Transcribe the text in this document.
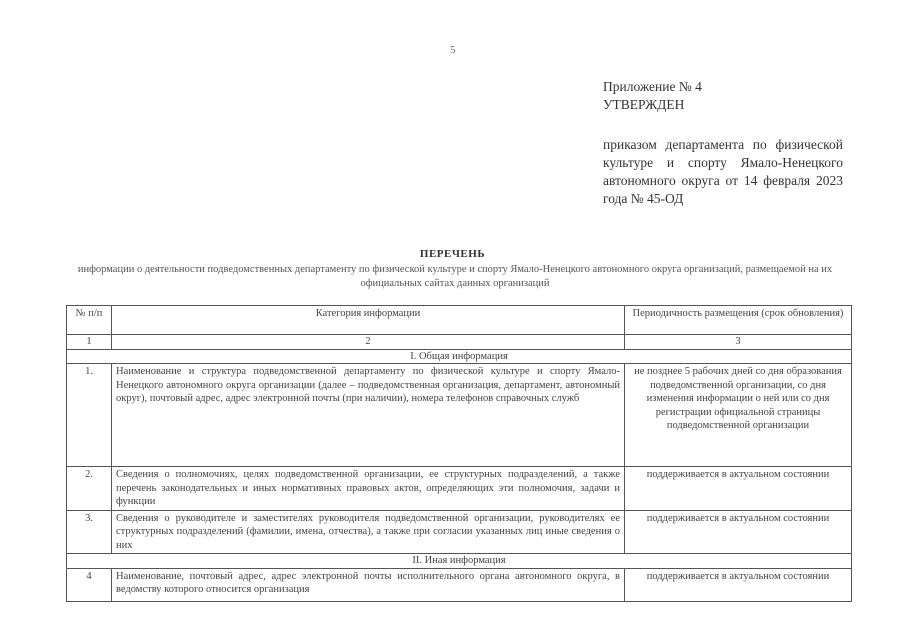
5
Приложение № 4
УТВЕРЖДЕН
приказом департамента по физической культуре и спорту Ямало-Ненецкого автономного округа от 14 февраля 2023 года № 45-ОД
ПЕРЕЧЕНЬ
информации о деятельности подведомственных департаменту по физической культуре и спорту Ямало-Ненецкого автономного округа организаций, размещаемой на их официальных сайтах данных организаций
№ п/п	Категория информации	Периодичность размещения (срок обновления)
1	2	3
I. Общая информация		
1.	Наименование и структура подведомственной департаменту по физической культуре и спорту Ямало-Ненецкого автономного округа организации (далее – подведомственная организация, департамент, автономный округ), почтовый адрес, адрес электронной почты (при наличии), номера телефонов справочных служб	не позднее 5 рабочих дней со дня образования подведомственной организации, со дня изменения информации о ней или со дня регистрации официальной страницы подведомственной организации
2.	Сведения о полномочиях, целях подведомственной организации, ее структурных подразделений, а также перечень законодательных и иных нормативных правовых актов, определяющих эти полномочия, задачи и функции	поддерживается в актуальном состоянии
3.	Сведения о руководителе и заместителях руководителя подведомственной организации, руководителях ее структурных подразделений (фамилии, имена, отчества), а также при согласии указанных лиц иные сведения о них	поддерживается в актуальном состоянии
II. Иная информация		
4	Наименование, почтовый адрес, адрес электронной почты исполнительного органа автономного округа, в ведомству которого относится организация	поддерживается в актуальном состоянии
